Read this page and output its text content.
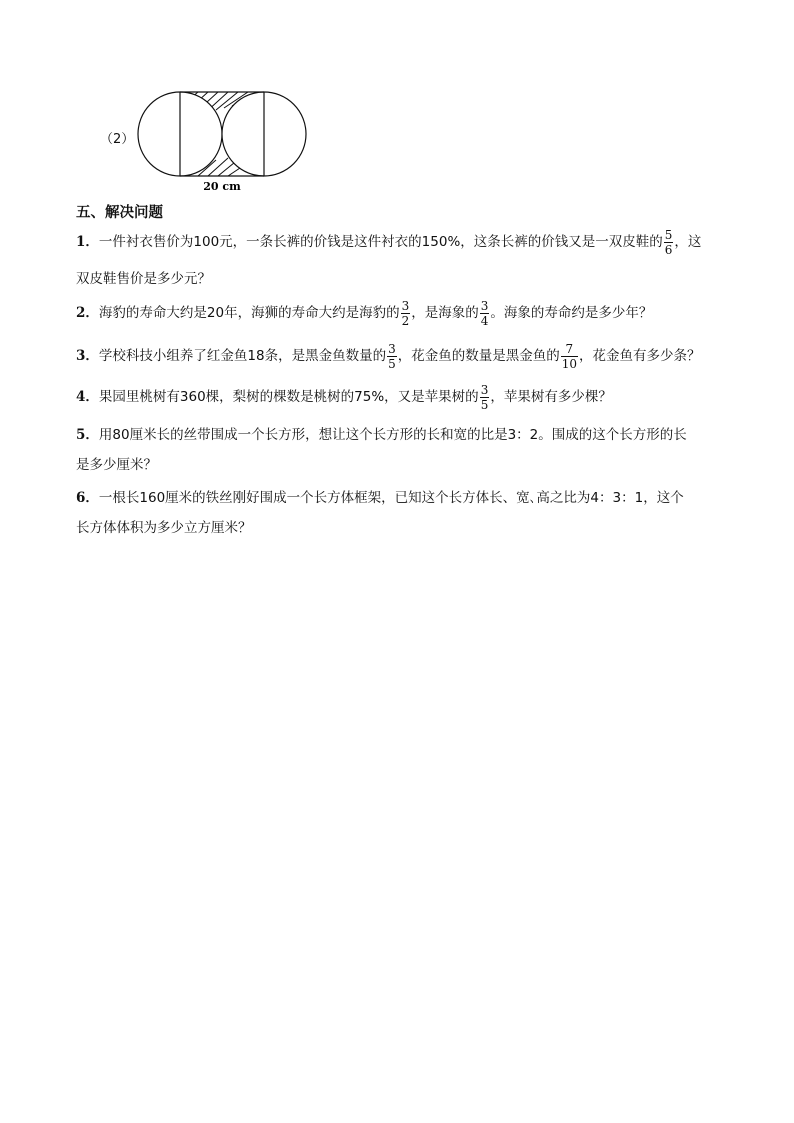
（2）
20 cm
五、解决问题
1．一件衬衣售价为100元，一条长裤的价钱是这件衬衣的150%，这条长裤的价钱又是一双皮鞋的 $\frac{5}{6}$ ，这
双皮鞋售价是多少元？
2．海豹的寿命大约是20年，海狮的寿命大约是海豹的 $\frac{3}{2}$ ，是海象的 $\frac{3}{4}$ 。海象的寿命约是多少年？
3．学校科技小组养了红金鱼18条，是黑金鱼数量的 $\frac{3}{5}$ ，花金鱼的数量是黑金鱼的 $\frac{7}{10}$ ，花金鱼有多少条？
4．果园里桃树有360棵，梨树的棵数是桃树的75%，又是苹果树的 $\frac{3}{5}$ ，苹果树有多少棵？
5．用80厘米长的丝带围成一个长方形，想让这个长方形的长和宽的比是3：2。围成的这个长方形的长
是多少厘米？
6．一根长160厘米的铁丝刚好围成一个长方体框架，已知这个长方体长、宽､高之比为4：3：1，这个
长方体体积为多少立方厘米？
